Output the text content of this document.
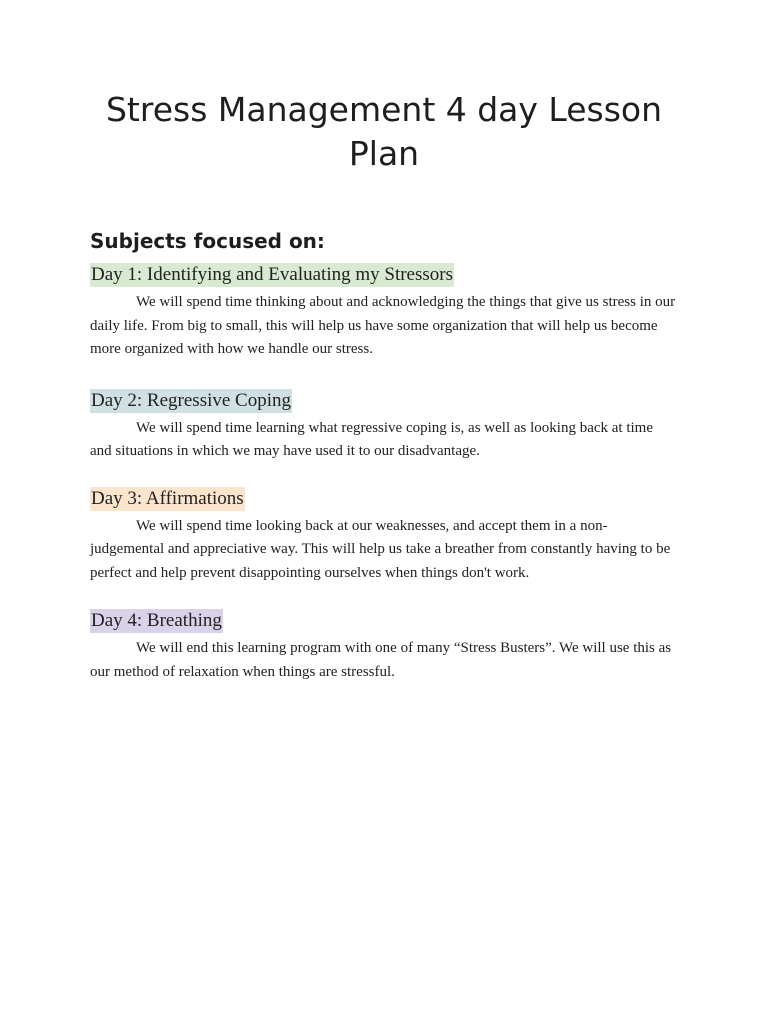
Stress Management 4 day Lesson Plan
Subjects focused on:

Day 1: Identifying and Evaluating my Stressors

We will spend time thinking about and acknowledging the things that give us stress in our daily life. From big to small, this will help us have some organization that will help us become more organized with how we handle our stress.

Day 2: Regressive Coping

We will spend time learning what regressive coping is, as well as looking back at time and situations in which we may have used it to our disadvantage.

Day 3: Affirmations

We will spend time looking back at our weaknesses, and accept them in a non-judgemental and appreciative way. This will help us take a breather from constantly having to be perfect and help prevent disappointing ourselves when things don't work.

Day 4: Breathing

We will end this learning program with one of many “Stress Busters”. We will use this as our method of relaxation when things are stressful.
